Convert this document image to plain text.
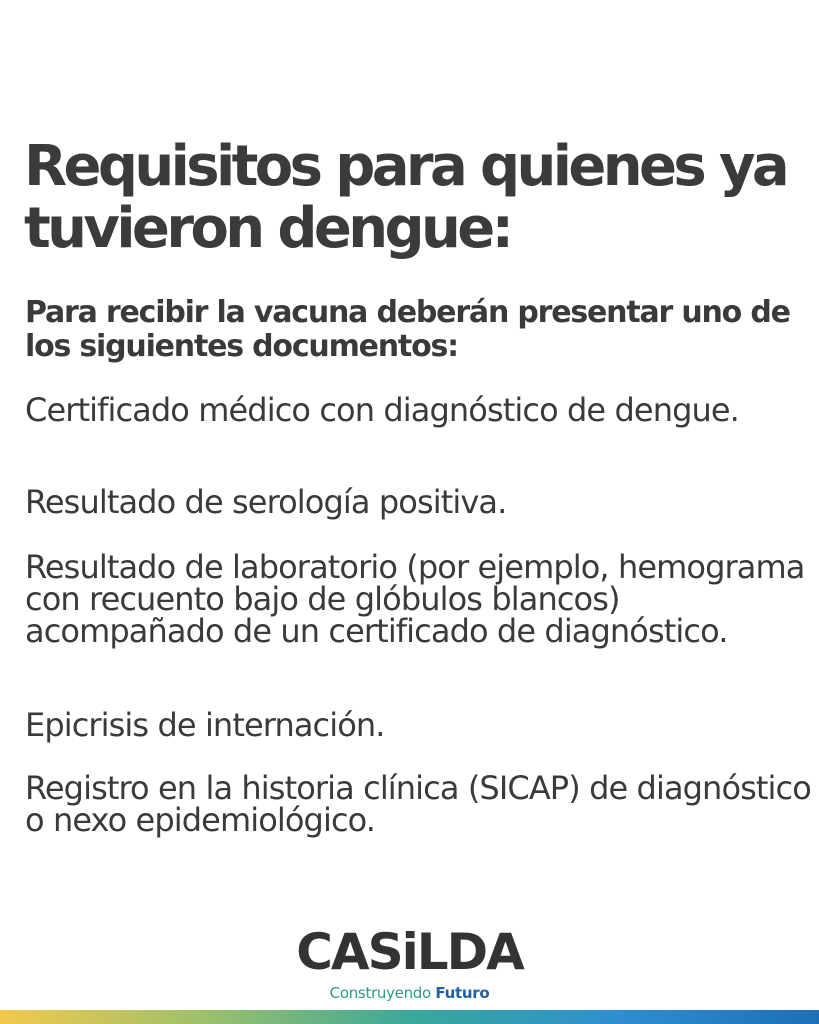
Requisitos para quienes ya tuvieron dengue:

Para recibir la vacuna deberán presentar uno de los siguientes documentos:

Certificado médico con diagnóstico de dengue.

Resultado de serología positiva.

Resultado de laboratorio (por ejemplo, hemograma con recuento bajo de glóbulos blancos) acompañado de un certificado de diagnóstico.

Epicrisis de internación.

Registro en la historia clínica (SICAP) de diagnóstico o nexo epidemiológico.

CASiLDA
Construyendo Futuro
